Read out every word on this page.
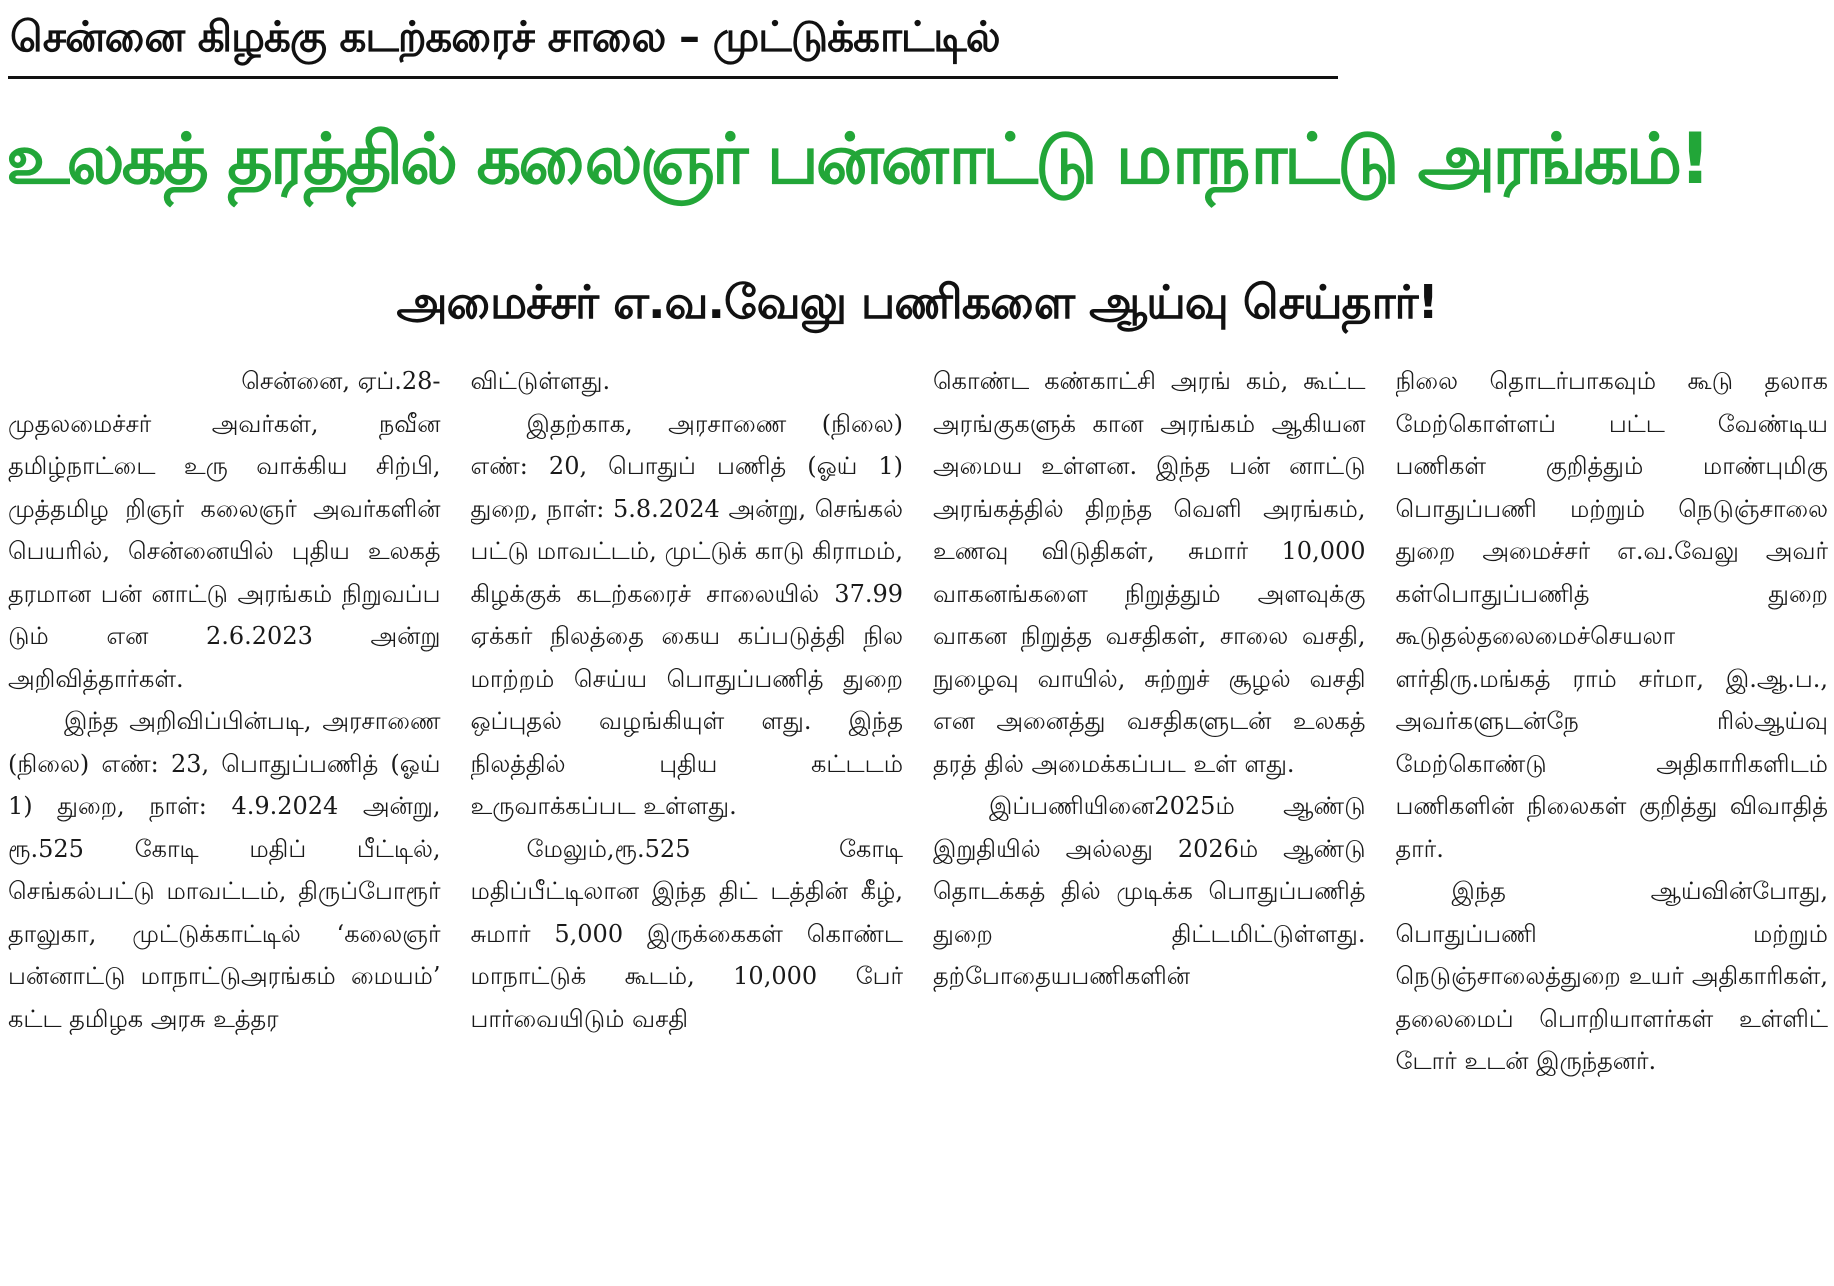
சென்னை கிழக்கு கடற்கரைச் சாலை – முட்டுக்காட்டில்
உலகத் தரத்தில் கலைஞர் பன்னாட்டு மாநாட்டு அரங்கம்!
அமைச்சர் எ.வ.வேலு பணிகளை ஆய்வு செய்தார்!

சென்னை, ஏப்.28-

முதலமைச்சர் அவர்கள், நவீன தமிழ்நாட்டை உரு வாக்கிய சிற்பி, முத்தமிழ றிஞர் கலைஞர் அவர்களின் பெயரில், சென்னையில் புதிய உலகத் தரமான பன் னாட்டு அரங்கம் நிறுவப்ப டும் என 2.6.2023 அன்று அறிவித்தார்கள்.

இந்த அறிவிப்பின்படி, அரசாணை (நிலை) எண்: 23, பொதுப்பணித் (ஓய் 1) துறை, நாள்: 4.9.2024 அன்று, ரூ.525 கோடி மதிப் பீட்டில், செங்கல்பட்டு மாவட்டம், திருப்போரூர் தாலுகா, முட்டுக்காட்டில் ‘கலைஞர் பன்னாட்டு மாநாட்டுஅரங்கம் மையம்’ கட்ட தமிழக அரசு உத்தர

விட்டுள்ளது.

இதற்காக, அரசாணை (நிலை) எண்: 20, பொதுப் பணித் (ஓய் 1) துறை, நாள்: 5.8.2024 அன்று, செங்கல் பட்டு மாவட்டம், முட்டுக் காடு கிராமம், கிழக்குக் கடற்கரைச் சாலையில் 37.99 ஏக்கர் நிலத்தை கைய கப்படுத்தி நில மாற்றம் செய்ய பொதுப்பணித் துறை ஒப்புதல் வழங்கியுள் ளது. இந்த நிலத்தில் புதிய கட்டடம் உருவாக்கப்பட உள்ளது.

மேலும்,ரூ.525 கோடி மதிப்பீட்டிலான இந்த திட் டத்தின் கீழ், சுமார் 5,000 இருக்கைகள் கொண்ட மாநாட்டுக் கூடம், 10,000 பேர் பார்வையிடும் வசதி

கொண்ட கண்காட்சி அரங் கம், கூட்ட அரங்குகளுக் கான அரங்கம் ஆகியன அமைய உள்ளன. இந்த பன் னாட்டு அரங்கத்தில் திறந்த வெளி அரங்கம், உணவு விடுதிகள், சுமார் 10,000 வாகனங்களை நிறுத்தும் அளவுக்கு வாகன நிறுத்த வசதிகள், சாலை வசதி, நுழைவு வாயில், சுற்றுச் சூழல் வசதி என அனைத்து வசதிகளுடன் உலகத் தரத் தில் அமைக்கப்பட உள் ளது.

இப்பணியினை2025ம் ஆண்டு இறுதியில் அல்லது 2026ம் ஆண்டு தொடக்கத் தில் முடிக்க பொதுப்பணித் துறை திட்டமிட்டுள்ளது. தற்போதையபணிகளின்

நிலை தொடர்பாகவும் கூடு தலாக மேற்கொள்ளப் பட்ட வேண்டிய பணிகள் குறித்தும் மாண்புமிகு பொதுப்பணி மற்றும் நெடுஞ்சாலை துறை அமைச்சர் எ.வ.வேலு அவர் கள்பொதுப்பணித் துறை கூடுதல்தலைமைச்செயலா ளர்திரு.மங்கத் ராம் சர்மா, இ.ஆ.ப., அவர்களுடன்நே ரில்ஆய்வு மேற்கொண்டு அதிகாரிகளிடம் பணிகளின் நிலைகள் குறித்து விவாதித் தார்.

இந்த ஆய்வின்போது, பொதுப்பணி மற்றும் நெடுஞ்சாலைத்துறை உயர் அதிகாரிகள், தலைமைப் பொறியாளர்கள் உள்ளிட் டோர் உடன் இருந்தனர்.
